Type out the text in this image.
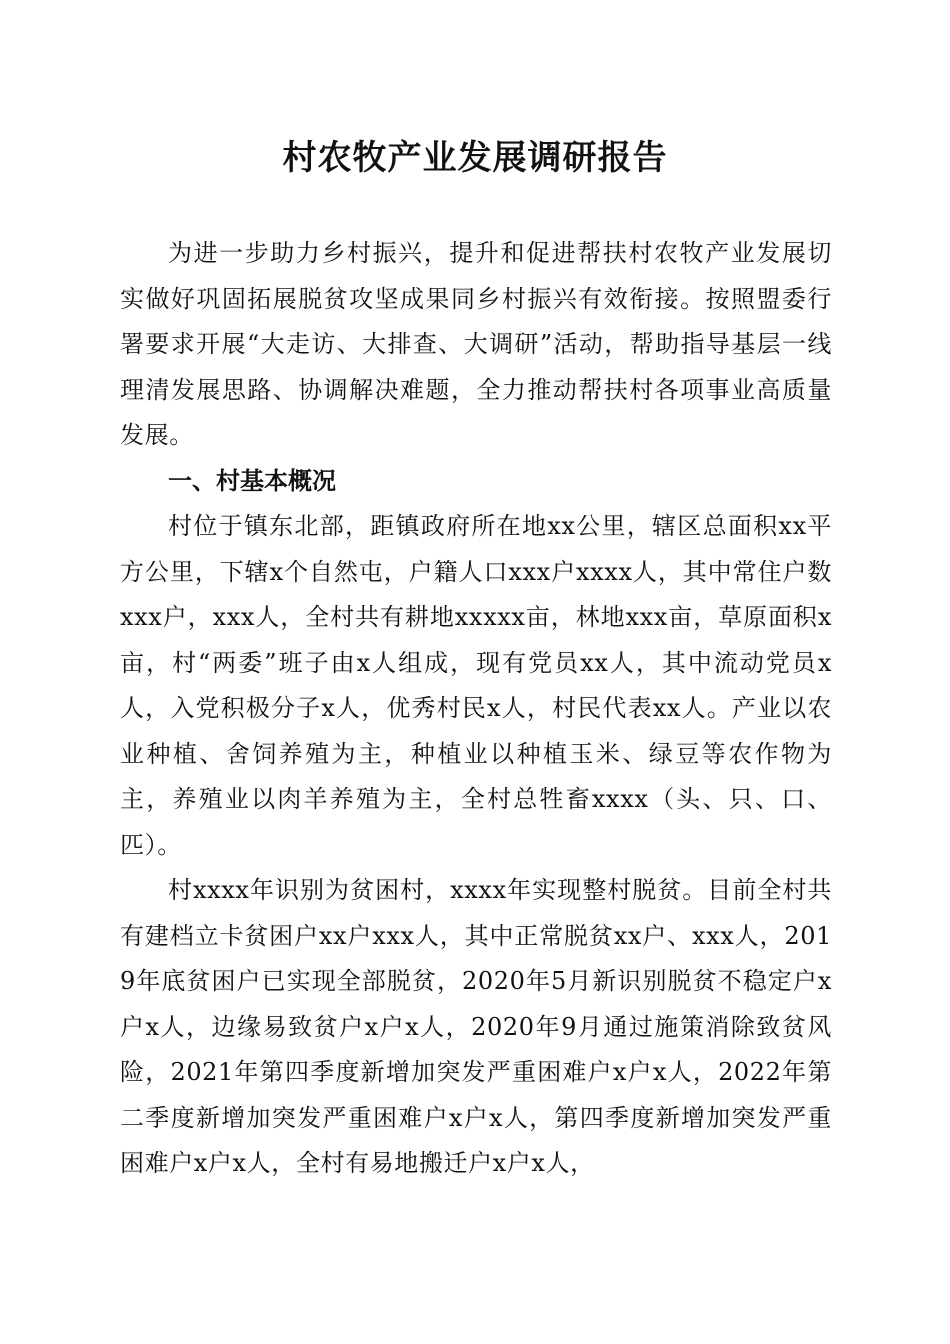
村农牧产业发展调研报告

为进一步助力乡村振兴，提升和促进帮扶村农牧产业发展切实做好巩固拓展脱贫攻坚成果同乡村振兴有效衔接。按照盟委行署要求开展“大走访、大排查、大调研”活动，帮助指导基层一线理清发展思路、协调解决难题，全力推动帮扶村各项事业高质量发展。

一、村基本概况

村位于镇东北部，距镇政府所在地xx公里，辖区总面积xx平方公里，下辖x个自然屯，户籍人口xxx户xxxx人，其中常住户数xxx户，xxx人，全村共有耕地xxxxx亩，林地xxx亩，草原面积x亩，村“两委”班子由x人组成，现有党员xx人，其中流动党员x人，入党积极分子x人，优秀村民x人，村民代表xx人。产业以农业种植、舍饲养殖为主，种植业以种植玉米、绿豆等农作物为主，养殖业以肉羊养殖为主，全村总牲畜xxxx（头、只、口、匹）。

村xxxx年识别为贫困村，xxxx年实现整村脱贫。目前全村共有建档立卡贫困户xx户xxx人，其中正常脱贫xx户、xxx人，2019年底贫困户已实现全部脱贫，2020年5月新识别脱贫不稳定户x户x人，边缘易致贫户x户x人，2020年9月通过施策消除致贫风险，2021年第四季度新增加突发严重困难户x户x人，2022年第二季度新增加突发严重困难户x户x人，第四季度新增加突发严重困难户x户x人，全村有易地搬迁户x户x人，
